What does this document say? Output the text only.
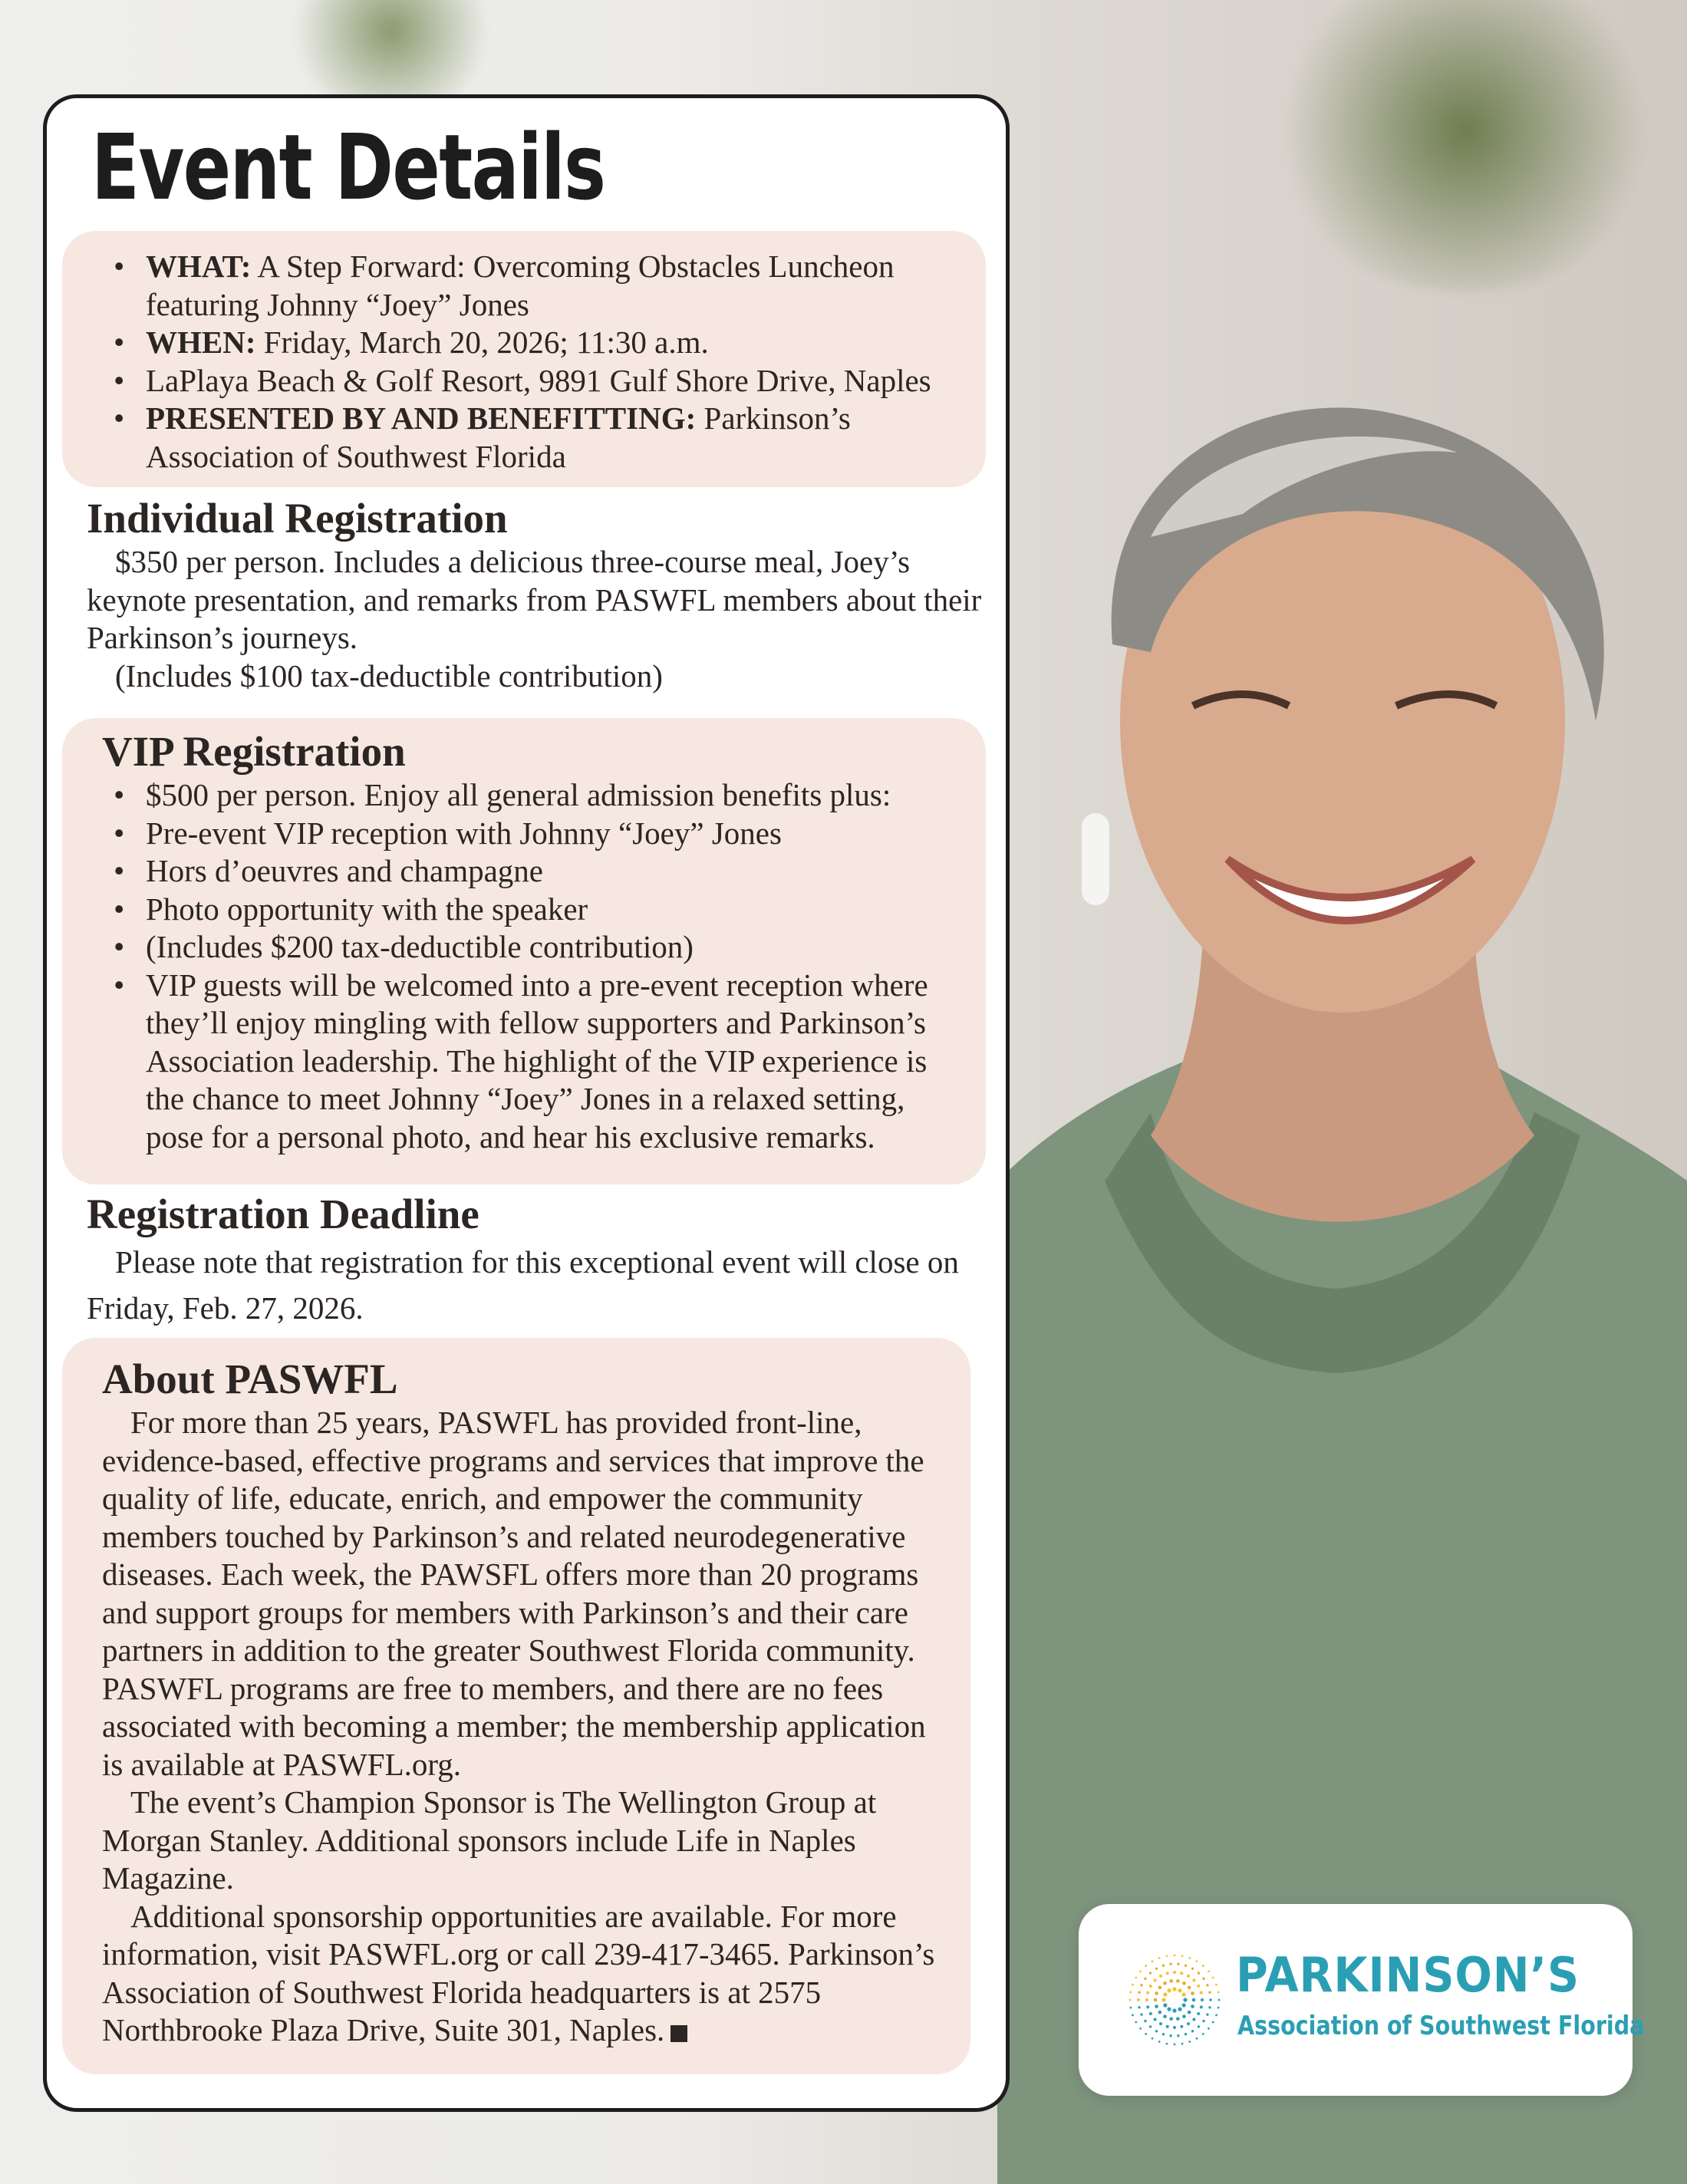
Event Details
• WHAT: A Step Forward: Overcoming Obstacles Luncheon featuring Johnny “Joey” Jones
• WHEN: Friday, March 20, 2026; 11:30 a.m.
• LaPlaya Beach & Golf Resort, 9891 Gulf Shore Drive, Naples
• PRESENTED BY AND BENEFITTING: Parkinson’s Association of Southwest Florida
Individual Registration
$350 per person. Includes a delicious three-course meal, Joey’s keynote presentation, and remarks from PASWFL members about their Parkinson’s journeys.
(Includes $100 tax-deductible contribution)
VIP Registration
• $500 per person. Enjoy all general admission benefits plus:
• Pre-event VIP reception with Johnny “Joey” Jones
• Hors d’oeuvres and champagne
• Photo opportunity with the speaker
• (Includes $200 tax-deductible contribution)
• VIP guests will be welcomed into a pre-event reception where they’ll enjoy mingling with fellow supporters and Parkinson’s Association leadership. The highlight of the VIP experience is the chance to meet Johnny “Joey” Jones in a relaxed setting, pose for a personal photo, and hear his exclusive remarks.
Registration Deadline
Please note that registration for this exceptional event will close on Friday, Feb. 27, 2026.
About PASWFL
For more than 25 years, PASWFL has provided front-line, evidence-based, effective programs and services that improve the quality of life, educate, enrich, and empower the community members touched by Parkinson’s and related neurodegenerative diseases. Each week, the PAWSFL offers more than 20 programs and support groups for members with Parkinson’s and their care partners in addition to the greater Southwest Florida community. PASWFL programs are free to members, and there are no fees associated with becoming a member; the membership application is available at PASWFL.org.
The event’s Champion Sponsor is The Wellington Group at Morgan Stanley. Additional sponsors include Life in Naples Magazine.
Additional sponsorship opportunities are available. For more information, visit PASWFL.org or call 239-417-3465. Parkinson’s Association of Southwest Florida headquarters is at 2575 Northbrooke Plaza Drive, Suite 301, Naples.
PARKINSON’S
Association of Southwest Florida
